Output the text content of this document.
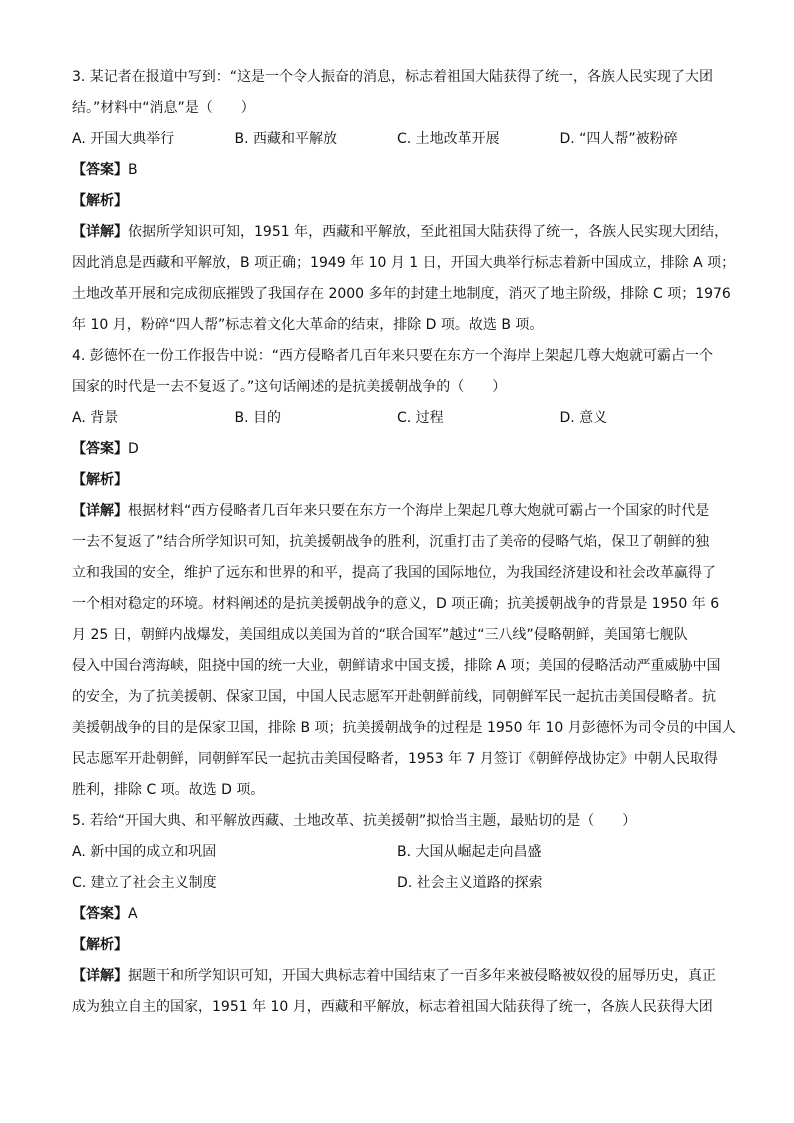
3. 某记者在报道中写到：“这是一个令人振奋的消息，标志着祖国大陆获得了统一，各族人民实现了大团
结。”材料中“消息”是（　　）
A. 开国大典举行	B. 西藏和平解放	C. 土地改革开展	D. “四人帮”被粉碎
【答案】B
【解析】
【详解】依据所学知识可知，1951 年，西藏和平解放，至此祖国大陆获得了统一，各族人民实现大团结，
因此消息是西藏和平解放，B 项正确；1949 年 10 月 1 日，开国大典举行标志着新中国成立，排除 A 项；
土地改革开展和完成彻底摧毁了我国存在 2000 多年的封建土地制度，消灭了地主阶级，排除 C 项；1976
年 10 月，粉碎“四人帮”标志着文化大革命的结束，排除 D 项。故选 B 项。
4. 彭德怀在一份工作报告中说：“西方侵略者几百年来只要在东方一个海岸上架起几尊大炮就可霸占一个
国家的时代是一去不复返了。”这句话阐述的是抗美援朝战争的（　　）
A. 背景	B. 目的	C. 过程	D. 意义
【答案】D
【解析】
【详解】根据材料“西方侵略者几百年来只要在东方一个海岸上架起几尊大炮就可霸占一个国家的时代是
一去不复返了”结合所学知识可知，抗美援朝战争的胜利，沉重打击了美帝的侵略气焰，保卫了朝鲜的独
立和我国的安全，维护了远东和世界的和平，提高了我国的国际地位，为我国经济建设和社会改革赢得了
一个相对稳定的环境。材料阐述的是抗美援朝战争的意义，D 项正确；抗美援朝战争的背景是 1950 年 6
月 25 日，朝鲜内战爆发，美国组成以美国为首的“联合国军”越过“三八线”侵略朝鲜，美国第七舰队
侵入中国台湾海峡，阻挠中国的统一大业，朝鲜请求中国支援，排除 A 项；美国的侵略活动严重威胁中国
的安全，为了抗美援朝、保家卫国，中国人民志愿军开赴朝鲜前线，同朝鲜军民一起抗击美国侵略者。抗
美援朝战争的目的是保家卫国，排除 B 项；抗美援朝战争的过程是 1950 年 10 月彭德怀为司令员的中国人
民志愿军开赴朝鲜，同朝鲜军民一起抗击美国侵略者，1953 年 7 月签订《朝鲜停战协定》中朝人民取得
胜利，排除 C 项。故选 D 项。
5. 若给“开国大典、和平解放西藏、土地改革、抗美援朝”拟恰当主题，最贴切的是（　　）
A. 新中国的成立和巩固	B. 大国从崛起走向昌盛
C. 建立了社会主义制度	D. 社会主义道路的探索
【答案】A
【解析】
【详解】据题干和所学知识可知，开国大典标志着中国结束了一百多年来被侵略被奴役的屈辱历史，真正
成为独立自主的国家，1951 年 10 月，西藏和平解放，标志着祖国大陆获得了统一，各族人民获得大团
